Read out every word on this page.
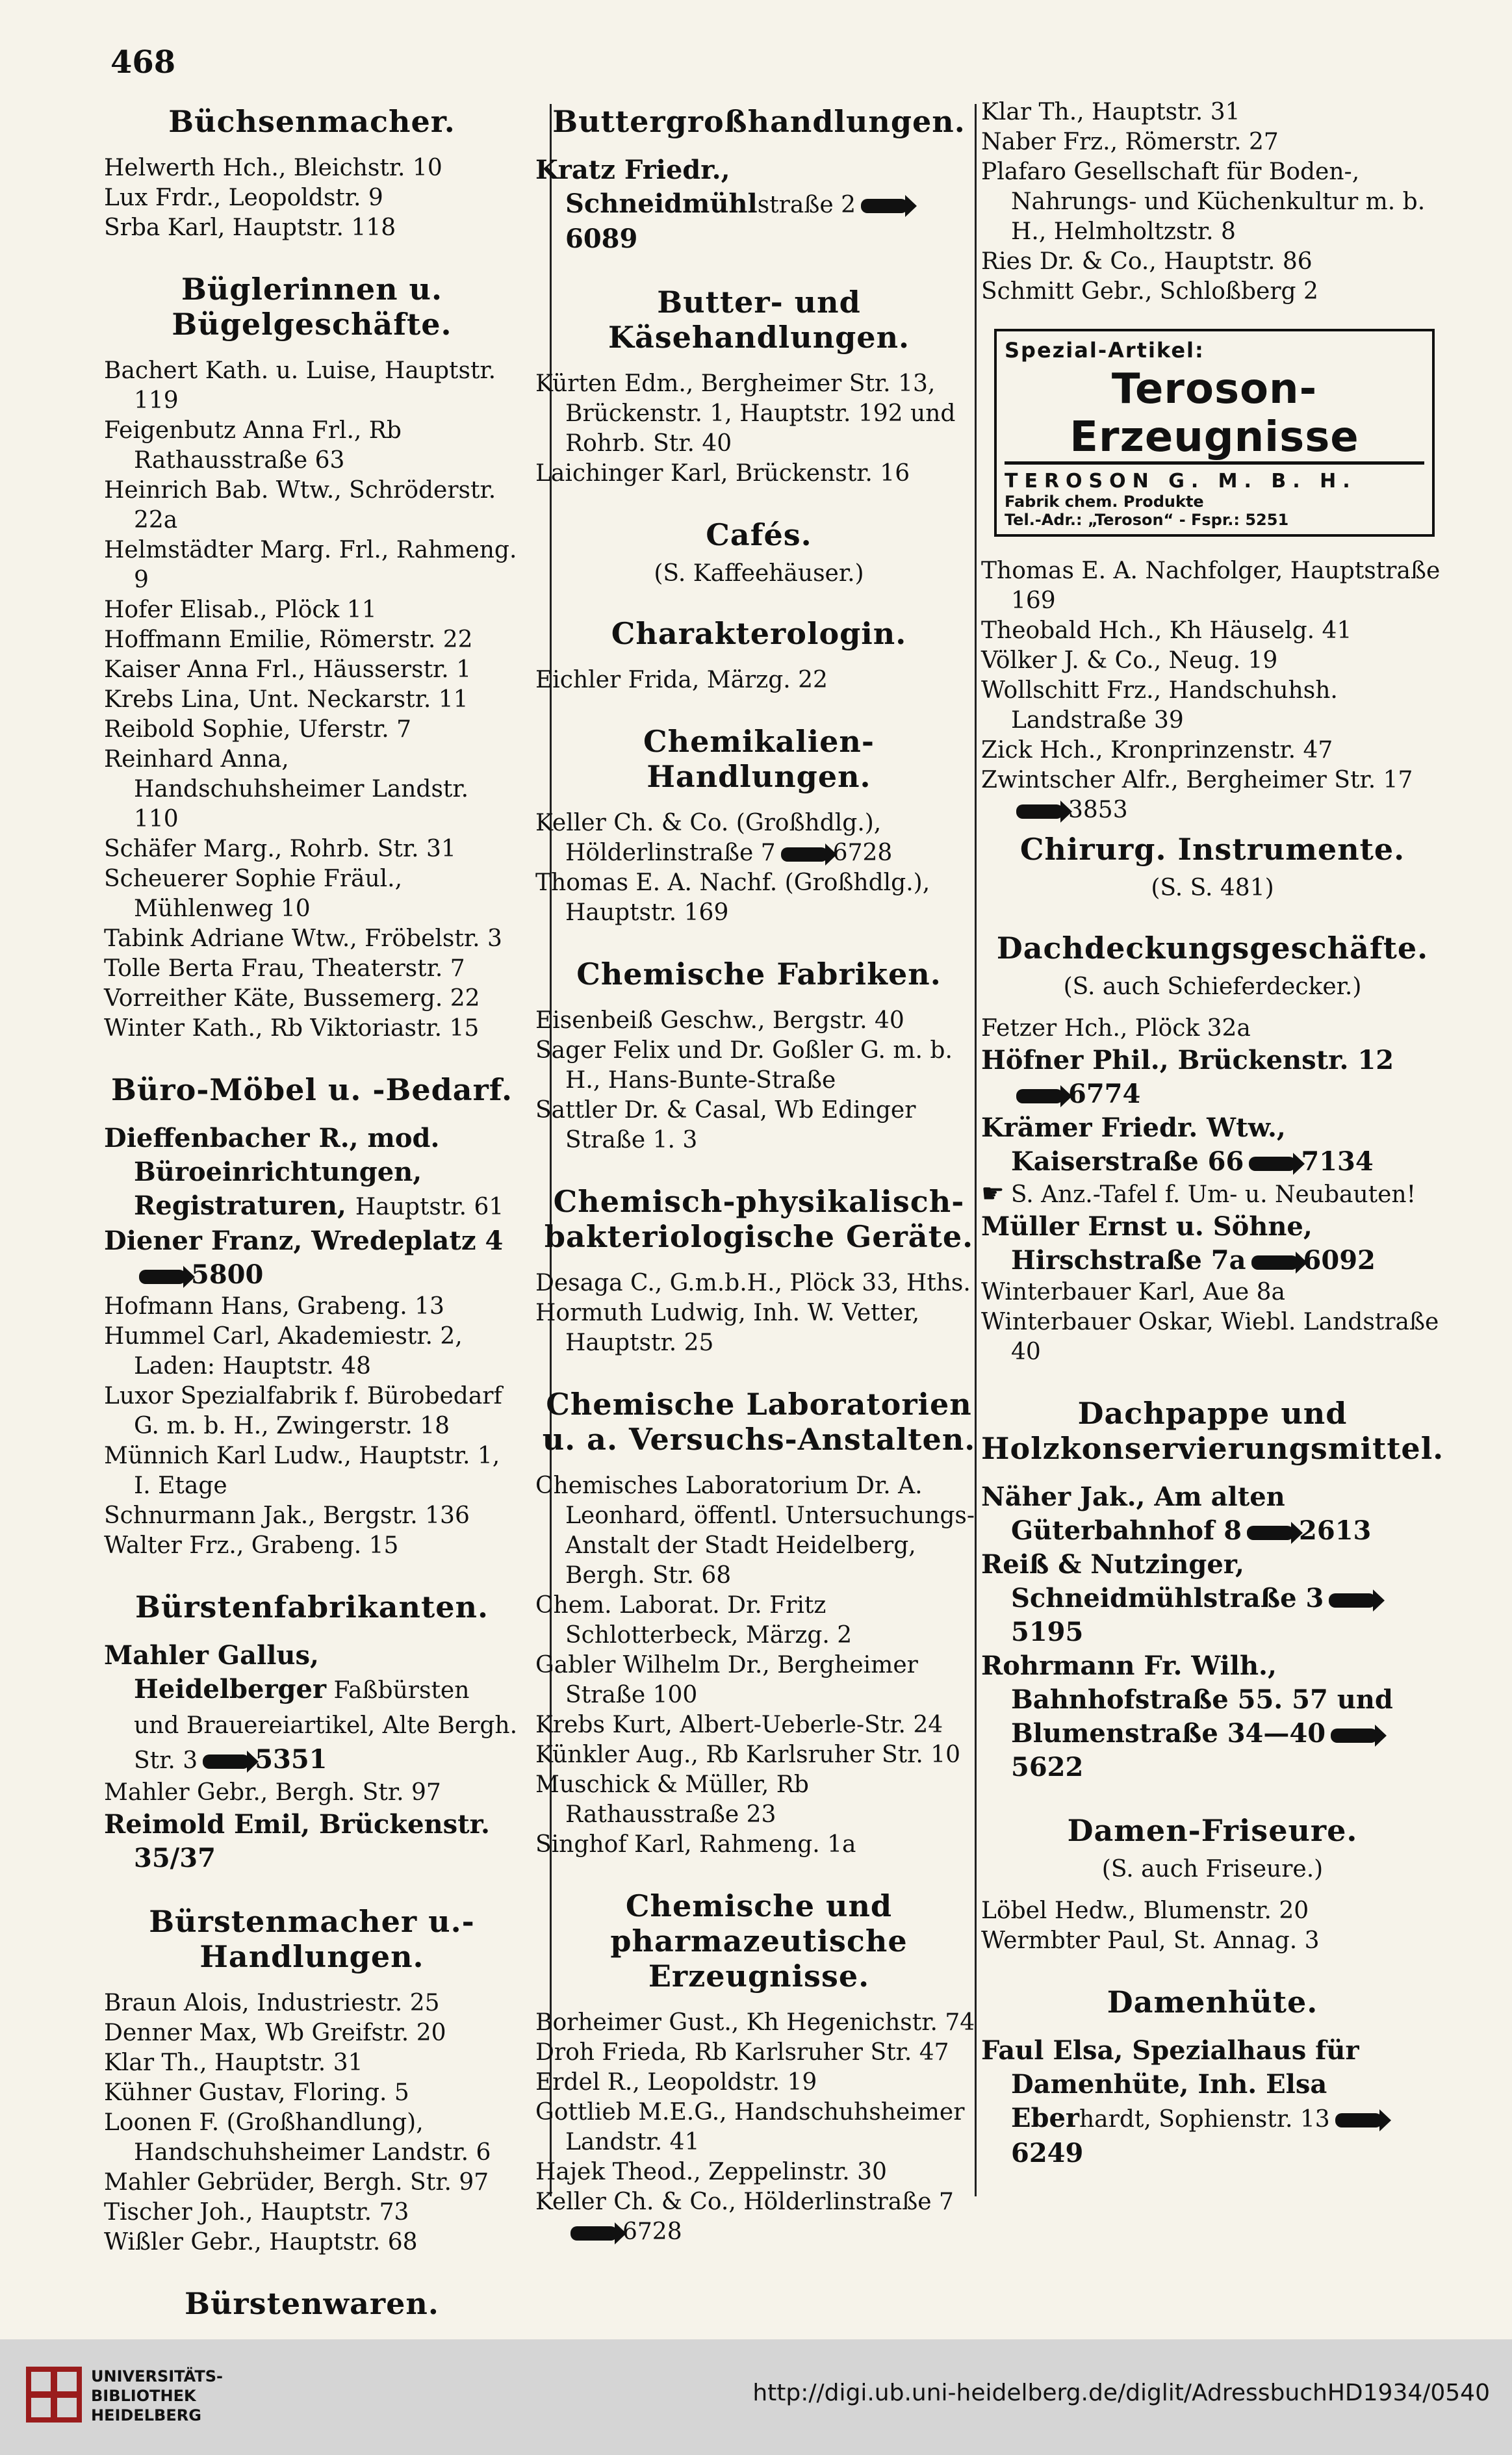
468
Büchsenmacher.

Helwerth Hch., Bleichstr. 10

Lux Frdr., Leopoldstr. 9

Srba Karl, Hauptstr. 118

Büglerinnen u. Bügelgeschäfte.

Bachert Kath. u. Luise, Hauptstr. 119

Feigenbutz Anna Frl., Rb Rathausstraße 63

Heinrich Bab. Wtw., Schröderstr. 22a

Helmstädter Marg. Frl., Rahmeng. 9

Hofer Elisab., Plöck 11

Hoffmann Emilie, Römerstr. 22

Kaiser Anna Frl., Häusserstr. 1

Krebs Lina, Unt. Neckarstr. 11

Reibold Sophie, Uferstr. 7

Reinhard Anna, Handschuhsheimer Landstr. 110

Schäfer Marg., Rohrb. Str. 31

Scheuerer Sophie Fräul., Mühlenweg 10

Tabink Adriane Wtw., Fröbelstr. 3

Tolle Berta Frau, Theaterstr. 7

Vorreither Käte, Bussemerg. 22

Winter Kath., Rb Viktoriastr. 15

Büro-Möbel u. -Bedarf.

Dieffenbacher R., mod. Büroeinrichtungen, Registraturen, Hauptstr. 61

Diener Franz, Wredeplatz 45800

Hofmann Hans, Grabeng. 13

Hummel Carl, Akademiestr. 2, Laden: Hauptstr. 48

Luxor Spezialfabrik f. Bürobedarf G. m. b. H., Zwingerstr. 18

Münnich Karl Ludw., Hauptstr. 1, I. Etage

Schnurmann Jak., Bergstr. 136

Walter Frz., Grabeng. 15

Bürstenfabrikanten.

Mahler Gallus, Heidelberger Faßbürsten und Brauereiartikel, Alte Bergh. Str. 3 5351

Mahler Gebr., Bergh. Str. 97

Reimold Emil, Brückenstr. 35/37

Bürstenmacher u.-Handlungen.

Braun Alois, Industriestr. 25

Denner Max, Wb Greifstr. 20

Klar Th., Hauptstr. 31

Kühner Gustav, Floring. 5

Loonen F. (Großhandlung), Handschuhsheimer Landstr. 6

Mahler Gebrüder, Bergh. Str. 97

Tischer Joh., Hauptstr. 73

Wißler Gebr., Hauptstr. 68

Bürstenwaren.

Buttergroßhandlungen.

Kratz Friedr., Schneidmühlstraße 26089

Butter- und Käsehandlungen.

Kürten Edm., Bergheimer Str. 13, Brückenstr. 1, Hauptstr. 192 und Rohrb. Str. 40

Laichinger Karl, Brückenstr. 16

Cafés.
(S. Kaffeehäuser.)
Charakterologin.

Eichler Frida, Märzg. 22

Chemikalien-Handlungen.

Keller Ch. & Co. (Großhdlg.), Hölderlinstraße 7 6728

Thomas E. A. Nachf. (Großhdlg.), Hauptstr. 169

Chemische Fabriken.

Eisenbeiß Geschw., Bergstr. 40

Sager Felix und Dr. Goßler G. m. b. H., Hans-Bunte-Straße

Sattler Dr. & Casal, Wb Edinger Straße 1. 3

Chemisch-physikalisch-bakteriologische Geräte.

Desaga C., G.m.b.H., Plöck 33, Hths.

Hormuth Ludwig, Inh. W. Vetter, Hauptstr. 25

Chemische Laboratorien u. a. Versuchs-Anstalten.

Chemisches Laboratorium Dr. A. Leonhard, öffentl. Untersuchungs-Anstalt der Stadt Heidelberg, Bergh. Str. 68

Chem. Laborat. Dr. Fritz Schlotterbeck, Märzg. 2

Gabler Wilhelm Dr., Bergheimer Straße 100

Krebs Kurt, Albert-Ueberle-Str. 24

Künkler Aug., Rb Karlsruher Str. 10

Muschick & Müller, Rb Rathausstraße 23

Singhof Karl, Rahmeng. 1a

Chemische und pharmazeutische Erzeugnisse.

Borheimer Gust., Kh Hegenichstr. 74

Droh Frieda, Rb Karlsruher Str. 47

Erdel R., Leopoldstr. 19

Gottlieb M.E.G., Handschuhsheimer Landstr. 41

Hajek Theod., Zeppelinstr. 30

Keller Ch. & Co., Hölderlinstraße 76728

Klar Th., Hauptstr. 31

Naber Frz., Römerstr. 27

Plafaro Gesellschaft für Boden-, Nahrungs- und Küchenkultur m. b. H., Helmholtzstr. 8

Ries Dr. & Co., Hauptstr. 86

Schmitt Gebr., Schloßberg 2

Spezial-Artikel:
Teroson-Erzeugnisse
TEROSON G. M. B. H.
Fabrik chem. Produkte
Tel.-Adr.: „Teroson“ - Fspr.: 5251

Thomas E. A. Nachfolger, Hauptstraße 169

Theobald Hch., Kh Häuselg. 41

Völker J. & Co., Neug. 19

Wollschitt Frz., Handschuhsh. Landstraße 39

Zick Hch., Kronprinzenstr. 47

Zwintscher Alfr., Bergheimer Str. 173853

Chirurg. Instrumente.
(S. S. 481)
Dachdeckungsgeschäfte.
(S. auch Schieferdecker.)

Fetzer Hch., Plöck 32a

Höfner Phil., Brückenstr. 126774

Krämer Friedr. Wtw., Kaiserstraße 66 7134

☛ S. Anz.-Tafel f. Um- u. Neubauten!

Müller Ernst u. Söhne, Hirschstraße 7a 6092

Winterbauer Karl, Aue 8a

Winterbauer Oskar, Wiebl. Landstraße 40

Dachpappe und Holzkonservierungsmittel.

Näher Jak., Am alten Güterbahnhof 8 2613

Reiß & Nutzinger, Schneidmühlstraße 35195

Rohrmann Fr. Wilh., Bahnhofstraße 55. 57 und Blumenstraße 34—405622

Damen-Friseure.
(S. auch Friseure.)

Löbel Hedw., Blumenstr. 20

Wermbter Paul, St. Annag. 3

Damenhüte.

Faul Elsa, Spezialhaus für Damenhüte, Inh. Elsa Eberhardt, Sophienstr. 136249

UNIVERSITÄTS-
BIBLIOTHEK
HEIDELBERG
http://digi.ub.uni-heidelberg.de/diglit/AdressbuchHD1934/0540
